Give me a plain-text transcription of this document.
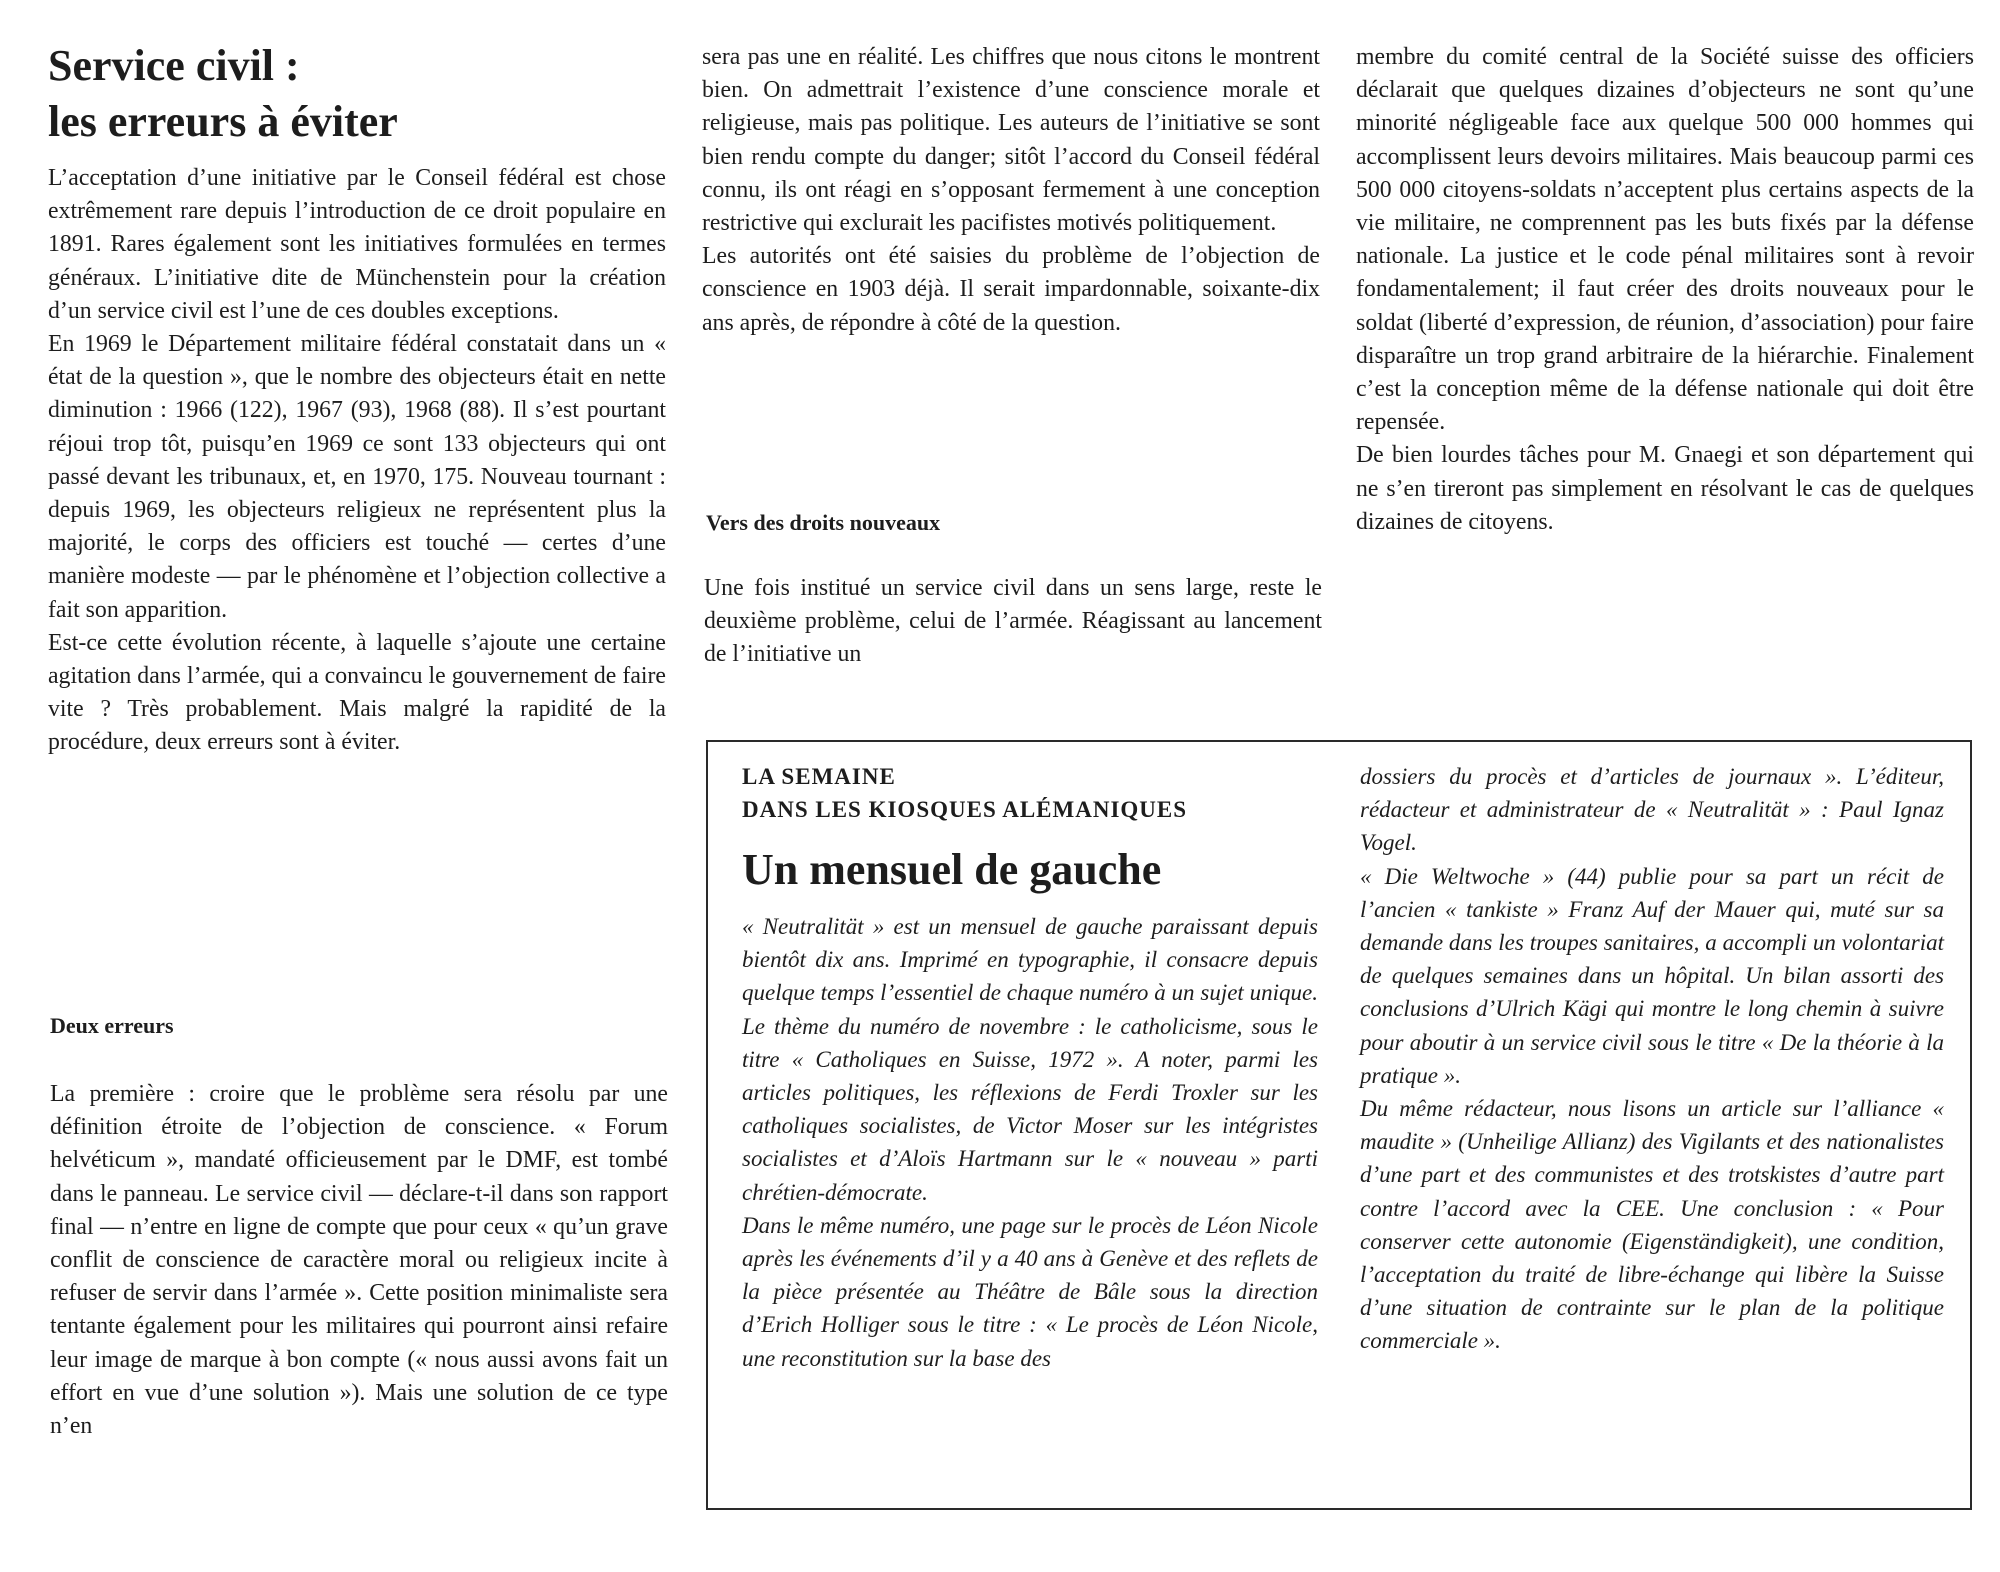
Service civil :
les erreurs à éviter

L’acceptation d’une initiative par le Conseil fédéral est chose extrêmement rare depuis l’introduction de ce droit populaire en 1891. Rares également sont les initiatives formulées en termes généraux. L’initiative dite de Münchenstein pour la création d’un service civil est l’une de ces doubles exceptions.

En 1969 le Département militaire fédéral constatait dans un « état de la question », que le nombre des objecteurs était en nette diminution : 1966 (122), 1967 (93), 1968 (88). Il s’est pourtant réjoui trop tôt, puisqu’en 1969 ce sont 133 objecteurs qui ont passé devant les tribunaux, et, en 1970, 175. Nouveau tournant : depuis 1969, les objecteurs religieux ne représentent plus la majorité, le corps des officiers est touché — certes d’une manière modeste — par le phénomène et l’objection collective a fait son apparition.

Est-ce cette évolution récente, à laquelle s’ajoute une certaine agitation dans l’armée, qui a convaincu le gouvernement de faire vite ? Très probablement. Mais malgré la rapidité de la procédure, deux erreurs sont à éviter.

Deux erreurs

La première : croire que le problème sera résolu par une définition étroite de l’objection de conscience. « Forum helvéticum », mandaté officieusement par le DMF, est tombé dans le panneau. Le service civil — déclare-t-il dans son rapport final — n’entre en ligne de compte que pour ceux « qu’un grave conflit de conscience de caractère moral ou religieux incite à refuser de servir dans l’armée ». Cette position minimaliste sera tentante également pour les militaires qui pourront ainsi refaire leur image de marque à bon compte (« nous aussi avons fait un effort en vue d’une solution »). Mais une solution de ce type n’en

sera pas une en réalité. Les chiffres que nous citons le montrent bien. On admettrait l’existence d’une conscience morale et religieuse, mais pas politique. Les auteurs de l’initiative se sont bien rendu compte du danger; sitôt l’accord du Conseil fédéral connu, ils ont réagi en s’opposant fermement à une conception restrictive qui exclurait les pacifistes motivés politiquement.

Les autorités ont été saisies du problème de l’objection de conscience en 1903 déjà. Il serait impardonnable, soixante-dix ans après, de répondre à côté de la question.

Vers des droits nouveaux

Une fois institué un service civil dans un sens large, reste le deuxième problème, celui de l’armée. Réagissant au lancement de l’initiative un

membre du comité central de la Société suisse des officiers déclarait que quelques dizaines d’objecteurs ne sont qu’une minorité négligeable face aux quelque 500 000 hommes qui accomplissent leurs devoirs militaires. Mais beaucoup parmi ces 500 000 citoyens-soldats n’acceptent plus certains aspects de la vie militaire, ne comprennent pas les buts fixés par la défense nationale. La justice et le code pénal militaires sont à revoir fondamentalement; il faut créer des droits nouveaux pour le soldat (liberté d’expression, de réunion, d’association) pour faire disparaître un trop grand arbitraire de la hiérarchie. Finalement c’est la conception même de la défense nationale qui doit être repensée.

De bien lourdes tâches pour M. Gnaegi et son département qui ne s’en tireront pas simplement en résolvant le cas de quelques dizaines de citoyens.

LA SEMAINE
DANS LES KIOSQUES ALÉMANIQUES

Un mensuel de gauche

« Neutralität » est un mensuel de gauche paraissant depuis bientôt dix ans. Imprimé en typographie, il consacre depuis quelque temps l’essentiel de chaque numéro à un sujet unique. Le thème du numéro de novembre : le catholicisme, sous le titre « Catholiques en Suisse, 1972 ». A noter, parmi les articles politiques, les réflexions de Ferdi Troxler sur les catholiques socialistes, de Victor Moser sur les intégristes socialistes et d’Aloïs Hartmann sur le « nouveau » parti chrétien-démocrate.

Dans le même numéro, une page sur le procès de Léon Nicole après les événements d’il y a 40 ans à Genève et des reflets de la pièce présentée au Théâtre de Bâle sous la direction d’Erich Holliger sous le titre : « Le procès de Léon Nicole, une reconstitution sur la base des

dossiers du procès et d’articles de journaux ». L’éditeur, rédacteur et administrateur de « Neutralität » : Paul Ignaz Vogel.

« Die Weltwoche » (44) publie pour sa part un récit de l’ancien « tankiste » Franz Auf der Mauer qui, muté sur sa demande dans les troupes sanitaires, a accompli un volontariat de quelques semaines dans un hôpital. Un bilan assorti des conclusions d’Ulrich Kägi qui montre le long chemin à suivre pour aboutir à un service civil sous le titre « De la théorie à la pratique ».

Du même rédacteur, nous lisons un article sur l’alliance « maudite » (Unheilige Allianz) des Vigilants et des nationalistes d’une part et des communistes et des trotskistes d’autre part contre l’accord avec la CEE. Une conclusion : « Pour conserver cette autonomie (Eigenständigkeit), une condition, l’acceptation du traité de libre-échange qui libère la Suisse d’une situation de contrainte sur le plan de la politique commerciale ».
